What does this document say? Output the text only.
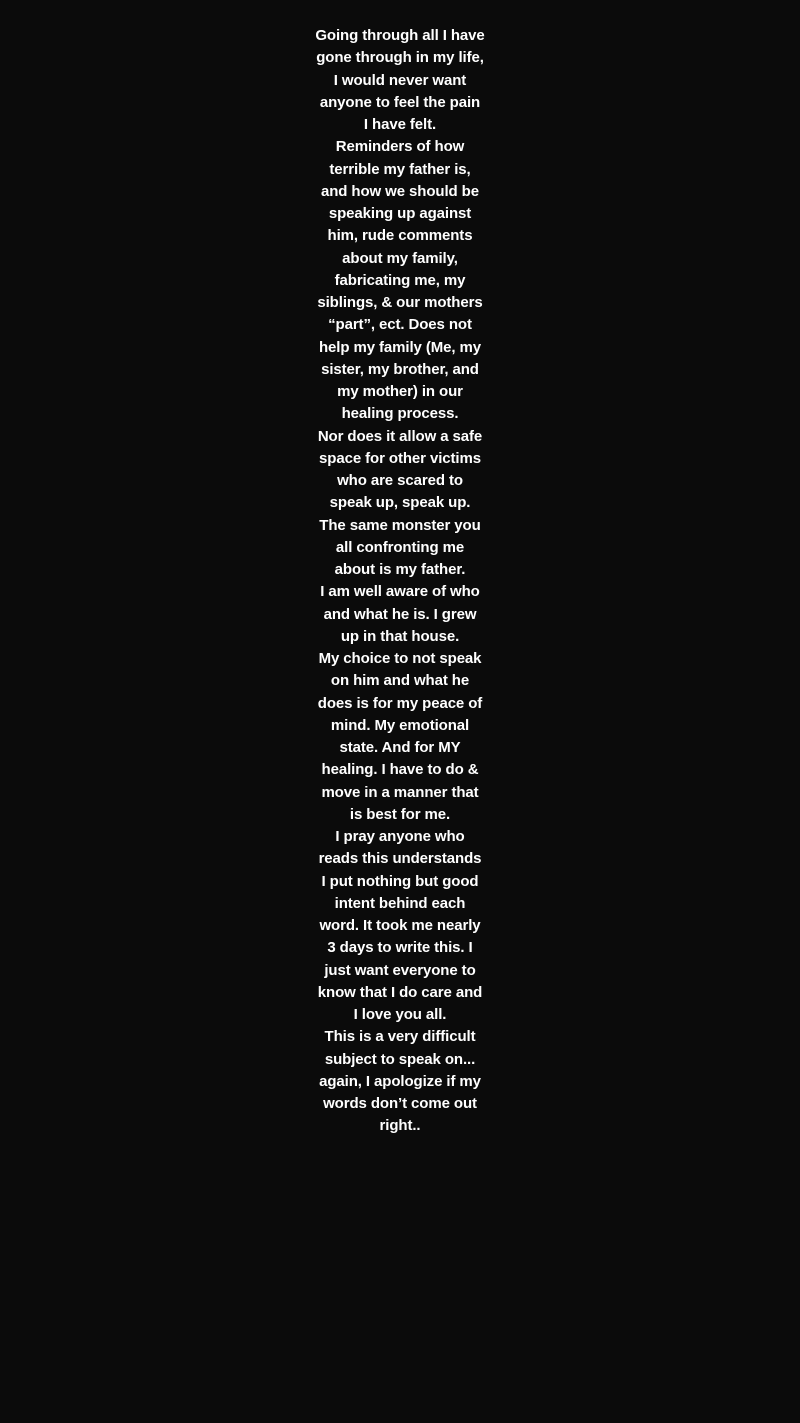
Going through all I have
gone through in my life,
I would never want
anyone to feel the pain
I have felt.
Reminders of how
terrible my father is,
and how we should be
speaking up against
him, rude comments
about my family,
fabricating me, my
siblings, & our mothers
“part”, ect. Does not
help my family (Me, my
sister, my brother, and
my mother) in our
healing process.
Nor does it allow a safe
space for other victims
who are scared to
speak up, speak up.
The same monster you
all confronting me
about is my father.
I am well aware of who
and what he is. I grew
up in that house.
My choice to not speak
on him and what he
does is for my peace of
mind. My emotional
state. And for MY
healing. I have to do &
move in a manner that
is best for me.
I pray anyone who
reads this understands
I put nothing but good
intent behind each
word. It took me nearly
3 days to write this. I
just want everyone to
know that I do care and
I love you all.
This is a very difficult
subject to speak on...
again, I apologize if my
words don’t come out
right..
